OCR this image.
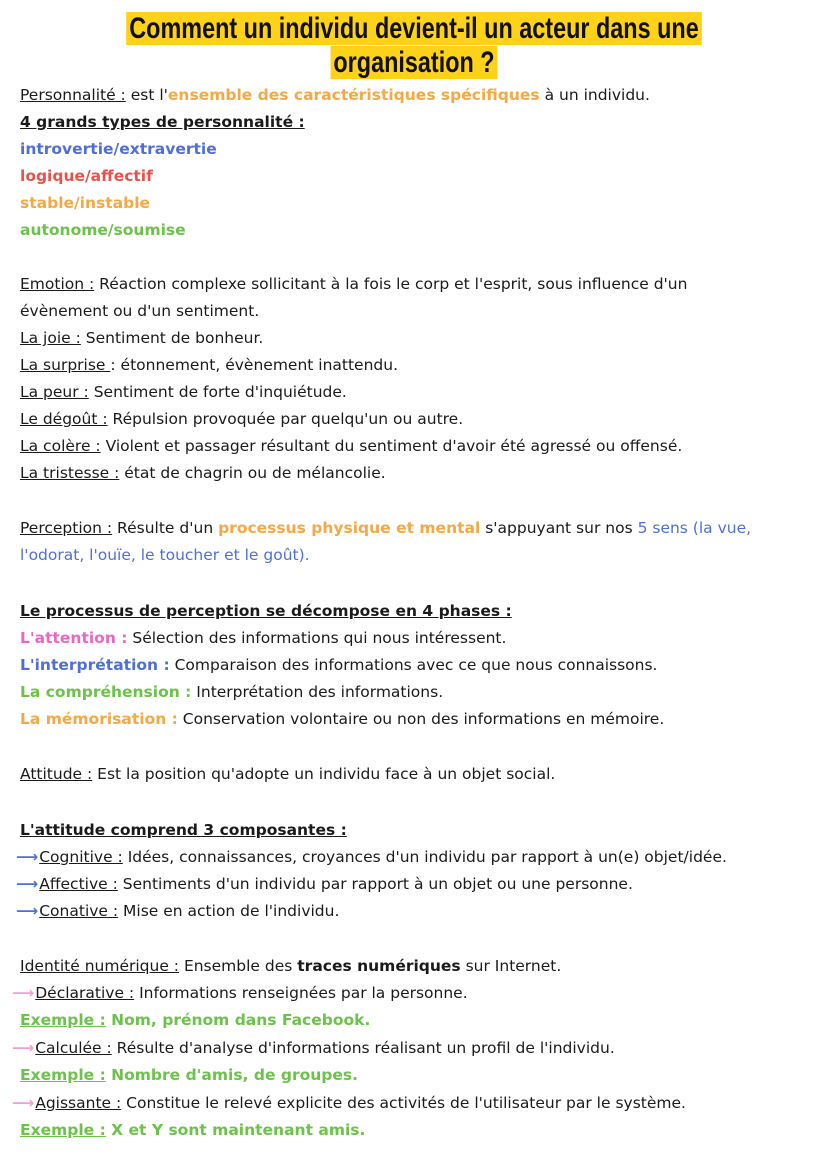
Comment un individu devient-il un acteur dans une
organisation ?
Personnalité : est l'ensemble des caractéristiques spécifiques à un individu.
4 grands types de personnalité :
introvertie/extravertie
logique/affectif
stable/instable
autonome/soumise
Emotion : Réaction complexe sollicitant à la fois le corp et l'esprit, sous influence d'un
évènement ou d'un sentiment.
La joie : Sentiment de bonheur.
La surprise : étonnement, évènement inattendu.
La peur : Sentiment de forte d'inquiétude.
Le dégoût : Répulsion provoquée par quelqu'un ou autre.
La colère : Violent et passager résultant du sentiment d'avoir été agressé ou offensé.
La tristesse : état de chagrin ou de mélancolie.
Perception : Résulte d'un processus physique et mental s'appuyant sur nos 5 sens (la vue,
l'odorat, l'ouïe, le toucher et le goût).
Le processus de perception se décompose en 4 phases :
L'attention : Sélection des informations qui nous intéressent.
L'interprétation : Comparaison des informations avec ce que nous connaissons.
La compréhension : Interprétation des informations.
La mémorisation : Conservation volontaire ou non des informations en mémoire.
Attitude : Est la position qu'adopte un individu face à un objet social.
L'attitude comprend 3 composantes :
⟶Cognitive : Idées, connaissances, croyances d'un individu par rapport à un(e) objet/idée.
⟶Affective : Sentiments d'un individu par rapport à un objet ou une personne.
⟶Conative : Mise en action de l'individu.
Identité numérique : Ensemble des traces numériques sur Internet.
⟶Déclarative : Informations renseignées par la personne.
Exemple : Nom, prénom dans Facebook.
⟶Calculée : Résulte d'analyse d'informations réalisant un profil de l'individu.
Exemple : Nombre d'amis, de groupes.
⟶Agissante : Constitue le relevé explicite des activités de l'utilisateur par le système.
Exemple : X et Y sont maintenant amis.
